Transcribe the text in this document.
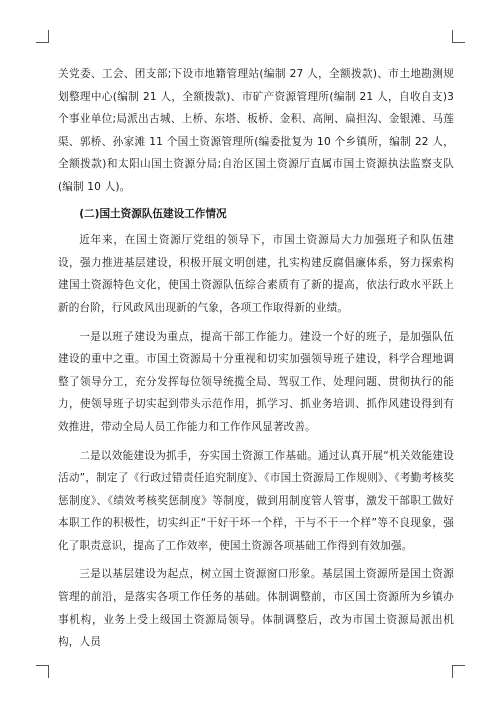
关党委、工会、团支部;下设市地籍管理站(编制 27 人，全额拨款)、市土地勘测规划整理中心(编制 21 人，全额拨款)、市矿产资源管理所(编制 21 人，自收自支)3 个事业单位;局派出古城、上桥、东塔、板桥、金积、高闸、扁担沟、金银滩、马莲渠、郭桥、孙家滩 11 个国土资源管理所(编委批复为 10 个乡镇所，编制 22 人，全额拨款)和太阳山国土资源分局;自治区国土资源厅直属市国土资源执法监察支队(编制 10 人)。

(二)国土资源队伍建设工作情况

近年来，在国土资源厅党组的领导下，市国土资源局大力加强班子和队伍建设，强力推进基层建设，积极开展文明创建，扎实构建反腐倡廉体系，努力探索构建国土资源特色文化，使国土资源队伍综合素质有了新的提高，依法行政水平跃上新的台阶，行风政风出现新的气象，各项工作取得新的业绩。

一是以班子建设为重点，提高干部工作能力。建设一个好的班子，是加强队伍建设的重中之重。市国土资源局十分重视和切实加强领导班子建设，科学合理地调整了领导分工，充分发挥每位领导统揽全局、驾驭工作、处理问题、贯彻执行的能力，使领导班子切实起到带头示范作用，抓学习、抓业务培训、抓作风建设得到有效推进，带动全局人员工作能力和工作作风显著改善。

二是以效能建设为抓手，夯实国土资源工作基础。通过认真开展“机关效能建设活动”，制定了《行政过错责任追究制度》、《市国土资源局工作规则》、《考勤考核奖惩制度》、《绩效考核奖惩制度》等制度，做到用制度管人管事，激发干部职工做好本职工作的积极性，切实纠正“干好干坏一个样，干与不干一个样”等不良现象，强化了职责意识，提高了工作效率，使国土资源各项基础工作得到有效加强。

三是以基层建设为起点，树立国土资源窗口形象。基层国土资源所是国土资源管理的前沿，是落实各项工作任务的基础。体制调整前，市区国土资源所为乡镇办事机构，业务上受上级国土资源局领导。体制调整后，改为市国土资源局派出机构，人员
